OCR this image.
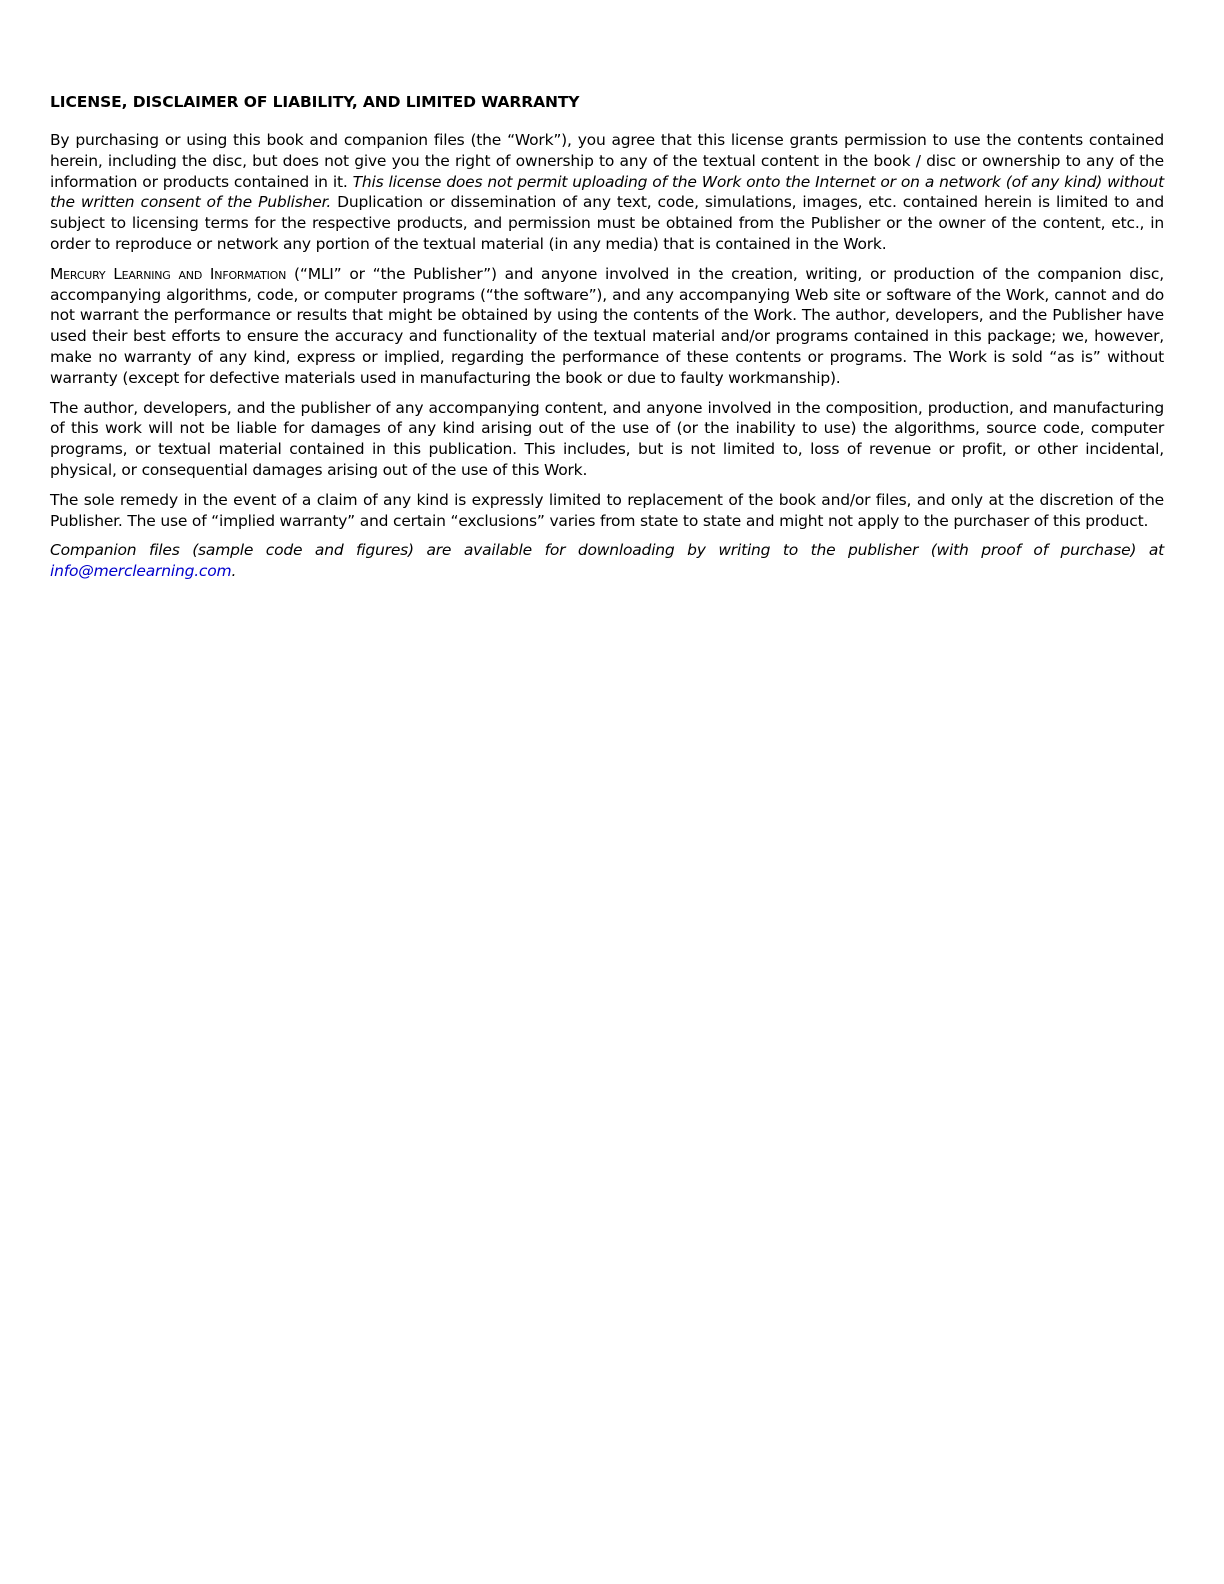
LICENSE, DISCLAIMER OF LIABILITY, AND LIMITED WARRANTY

By purchasing or using this book and companion files (the “Work”), you agree that this license grants permission to use the contents contained herein, including the disc, but does not give you the right of ownership to any of the textual content in the book / disc or ownership to any of the information or products contained in it. This license does not permit uploading of the Work onto the Internet or on a network (of any kind) without the written consent of the Publisher. Duplication or dissemination of any text, code, simulations, images, etc. contained herein is limited to and subject to licensing terms for the respective products, and permission must be obtained from the Publisher or the owner of the content, etc., in order to reproduce or network any portion of the textual material (in any media) that is contained in the Work.

Mercury Learning and Information (“MLI” or “the Publisher”) and anyone involved in the creation, writing, or production of the companion disc, accompanying algorithms, code, or computer programs (“the software”), and any accompanying Web site or software of the Work, cannot and do not warrant the performance or results that might be obtained by using the contents of the Work. The author, developers, and the Publisher have used their best efforts to ensure the accuracy and functionality of the textual material and/or programs contained in this package; we, however, make no warranty of any kind, express or implied, regarding the performance of these contents or programs. The Work is sold “as is” without warranty (except for defective materials used in manufacturing the book or due to faulty workmanship).

The author, developers, and the publisher of any accompanying content, and anyone involved in the composition, production, and manufacturing of this work will not be liable for damages of any kind arising out of the use of (or the inability to use) the algorithms, source code, computer programs, or textual material contained in this publication. This includes, but is not limited to, loss of revenue or profit, or other incidental, physical, or consequential damages arising out of the use of this Work.

The sole remedy in the event of a claim of any kind is expressly limited to replacement of the book and/or files, and only at the discretion of the Publisher. The use of “implied warranty” and certain “exclusions” varies from state to state and might not apply to the purchaser of this product.

Companion files (sample code and figures) are available for downloading by writing to the publisher (with proof of purchase) at info@merclearning.com.
